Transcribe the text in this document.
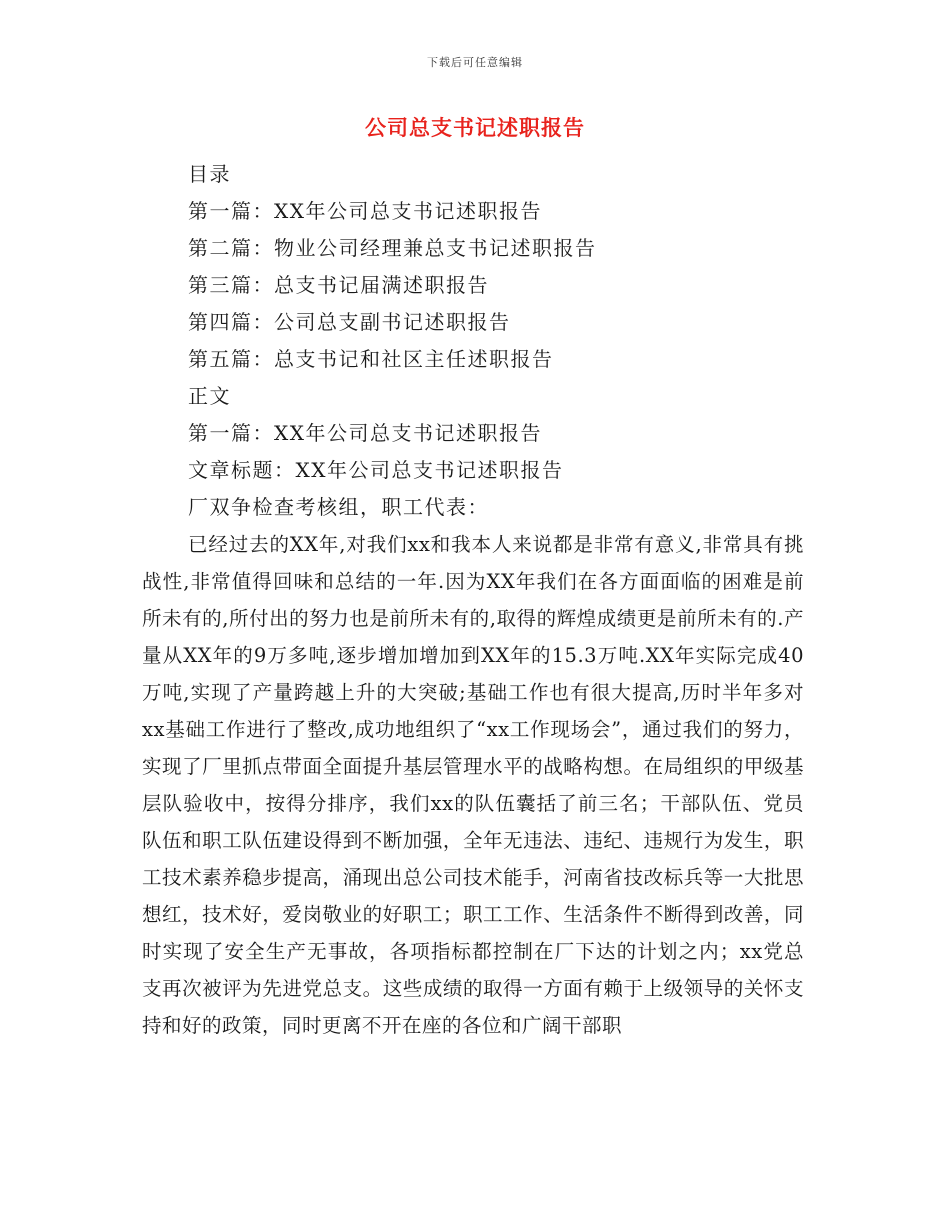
下载后可任意编辑
公司总支书记述职报告
目录
第一篇：XX年公司总支书记述职报告
第二篇：物业公司经理兼总支书记述职报告
第三篇：总支书记届满述职报告
第四篇：公司总支副书记述职报告
第五篇：总支书记和社区主任述职报告
正文
第一篇：XX年公司总支书记述职报告
文章标题：XX年公司总支书记述职报告
厂双争检查考核组，职工代表：

已经过去的XX年,对我们xx和我本人来说都是非常有意义,非常具有挑战性,非常值得回味和总结的一年.因为XX年我们在各方面面临的困难是前所未有的,所付出的努力也是前所未有的,取得的辉煌成绩更是前所未有的.产量从XX年的9万多吨,逐步增加增加到XX年的15.3万吨.XX年实际完成40万吨,实现了产量跨越上升的大突破;基础工作也有很大提高,历时半年多对xx基础工作进行了整改,成功地组织了“xx工作现场会”，通过我们的努力，实现了厂里抓点带面全面提升基层管理水平的战略构想。在局组织的甲级基层队验收中，按得分排序，我们xx的队伍囊括了前三名；干部队伍、党员队伍和职工队伍建设得到不断加强，全年无违法、违纪、违规行为发生，职工技术素养稳步提高，涌现出总公司技术能手，河南省技改标兵等一大批思想红，技术好，爱岗敬业的好职工；职工工作、生活条件不断得到改善，同时实现了安全生产无事故，各项指标都控制在厂下达的计划之内；xx党总支再次被评为先进党总支。这些成绩的取得一方面有赖于上级领导的关怀支持和好的政策，同时更离不开在座的各位和广阔干部职
